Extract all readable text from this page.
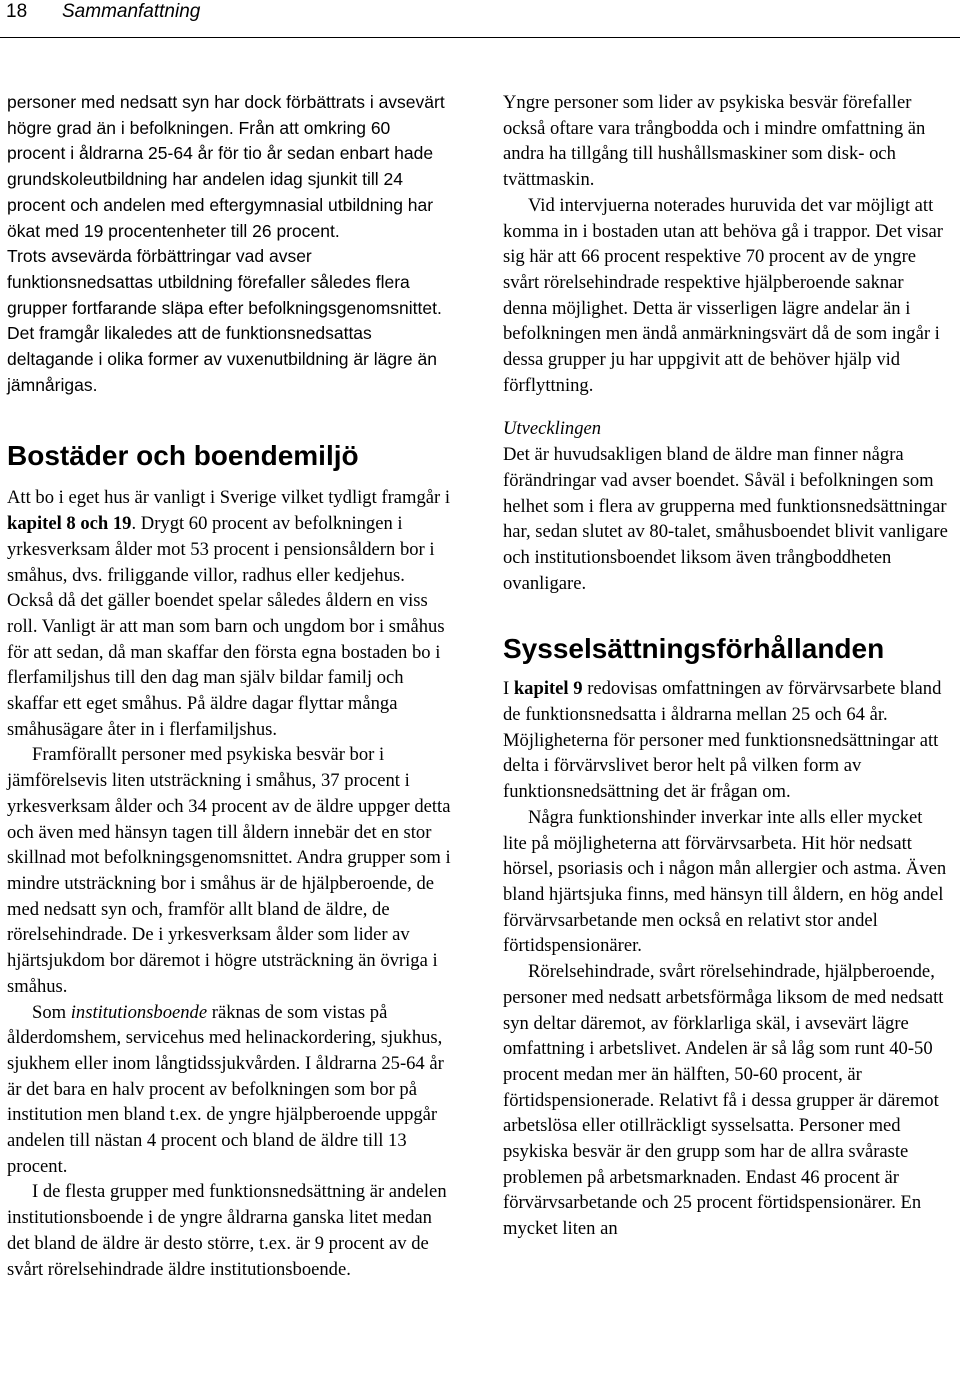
18 Sammanfattning

personer med nedsatt syn har dock förbättrats i avsevärt högre grad än i befolkningen. Från att omkring 60 procent i åldrarna 25-64 år för tio år sedan enbart hade grundskoleutbildning har andelen idag sjunkit till 24 procent och andelen med eftergymnasial utbildning har ökat med 19 procentenheter till 26 procent.

Trots avsevärda förbättringar vad avser funktionsnedsattas utbildning förefaller således flera grupper fortfarande släpa efter befolkningsgenomsnittet. Det framgår likaledes att de funktionsnedsattas deltagande i olika former av vuxenutbildning är lägre än jämnårigas.

Bostäder och boendemiljö

Att bo i eget hus är vanligt i Sverige vilket tydligt framgår i kapitel 8 och 19. Drygt 60 procent av befolkningen i yrkesverksam ålder mot 53 procent i pensionsåldern bor i småhus, dvs. friliggande villor, radhus eller kedjehus. Också då det gäller boendet spelar således åldern en viss roll. Vanligt är att man som barn och ungdom bor i småhus för att sedan, då man skaffar den första egna bostaden bo i flerfamiljshus till den dag man själv bildar familj och skaffar ett eget småhus. På äldre dagar flyttar många småhusägare åter in i flerfamiljshus.

Framförallt personer med psykiska besvär bor i jämförelsevis liten utsträckning i småhus, 37 procent i yrkesverksam ålder och 34 procent av de äldre uppger detta och även med hänsyn tagen till åldern innebär det en stor skillnad mot befolkningsgenomsnittet. Andra grupper som i mindre utsträckning bor i småhus är de hjälpberoende, de med nedsatt syn och, framför allt bland de äldre, de rörelsehindrade. De i yrkesverksam ålder som lider av hjärtsjukdom bor däremot i högre utsträckning än övriga i småhus.

Som institutionsboende räknas de som vistas på ålderdomshem, servicehus med helinackordering, sjukhus, sjukhem eller inom långtidssjukvården. I åldrarna 25-64 år är det bara en halv procent av befolkningen som bor på institution men bland t.ex. de yngre hjälpberoende uppgår andelen till nästan 4 procent och bland de äldre till 13 procent.

I de flesta grupper med funktionsnedsättning är andelen institutionsboende i de yngre åldrarna ganska litet medan det bland de äldre är desto större, t.ex. är 9 procent av de svårt rörelsehindrade äldre institutionsboende.

Yngre personer som lider av psykiska besvär förefaller också oftare vara trångbodda och i mindre omfattning än andra ha tillgång till hushållsmaskiner som disk- och tvättmaskin.

Vid intervjuerna noterades huruvida det var möjligt att komma in i bostaden utan att behöva gå i trappor. Det visar sig här att 66 procent respektive 70 procent av de yngre svårt rörelsehindrade respektive hjälpberoende saknar denna möjlighet. Detta är visserligen lägre andelar än i befolkningen men ändå anmärkningsvärt då de som ingår i dessa grupper ju har uppgivit att de behöver hjälp vid förflyttning.

Utvecklingen

Det är huvudsakligen bland de äldre man finner några förändringar vad avser boendet. Såväl i befolkningen som helhet som i flera av grupperna med funktionsnedsättningar har, sedan slutet av 80-talet, småhusboendet blivit vanligare och institutionsboendet liksom även trångboddheten ovanligare.

Sysselsättningsförhållanden

I kapitel 9 redovisas omfattningen av förvärvsarbete bland de funktionsnedsatta i åldrarna mellan 25 och 64 år. Möjligheterna för personer med funktionsnedsättningar att delta i förvärvslivet beror helt på vilken form av funktionsnedsättning det är frågan om.

Några funktionshinder inverkar inte alls eller mycket lite på möjligheterna att förvärvsarbeta. Hit hör nedsatt hörsel, psoriasis och i någon mån allergier och astma. Även bland hjärtsjuka finns, med hänsyn till åldern, en hög andel förvärvsarbetande men också en relativt stor andel förtidspensionärer.

Rörelsehindrade, svårt rörelsehindrade, hjälpberoende, personer med nedsatt arbetsförmåga liksom de med nedsatt syn deltar däremot, av förklarliga skäl, i avsevärt lägre omfattning i arbetslivet. Andelen är så låg som runt 40-50 procent medan mer än hälften, 50-60 procent, är förtidspensionerade. Relativt få i dessa grupper är däremot arbetslösa eller otillräckligt sysselsatta. Personer med psykiska besvär är den grupp som har de allra svåraste problemen på arbetsmarknaden. Endast 46 procent är förvärvsarbetande och 25 procent förtidspensionärer. En mycket liten an
